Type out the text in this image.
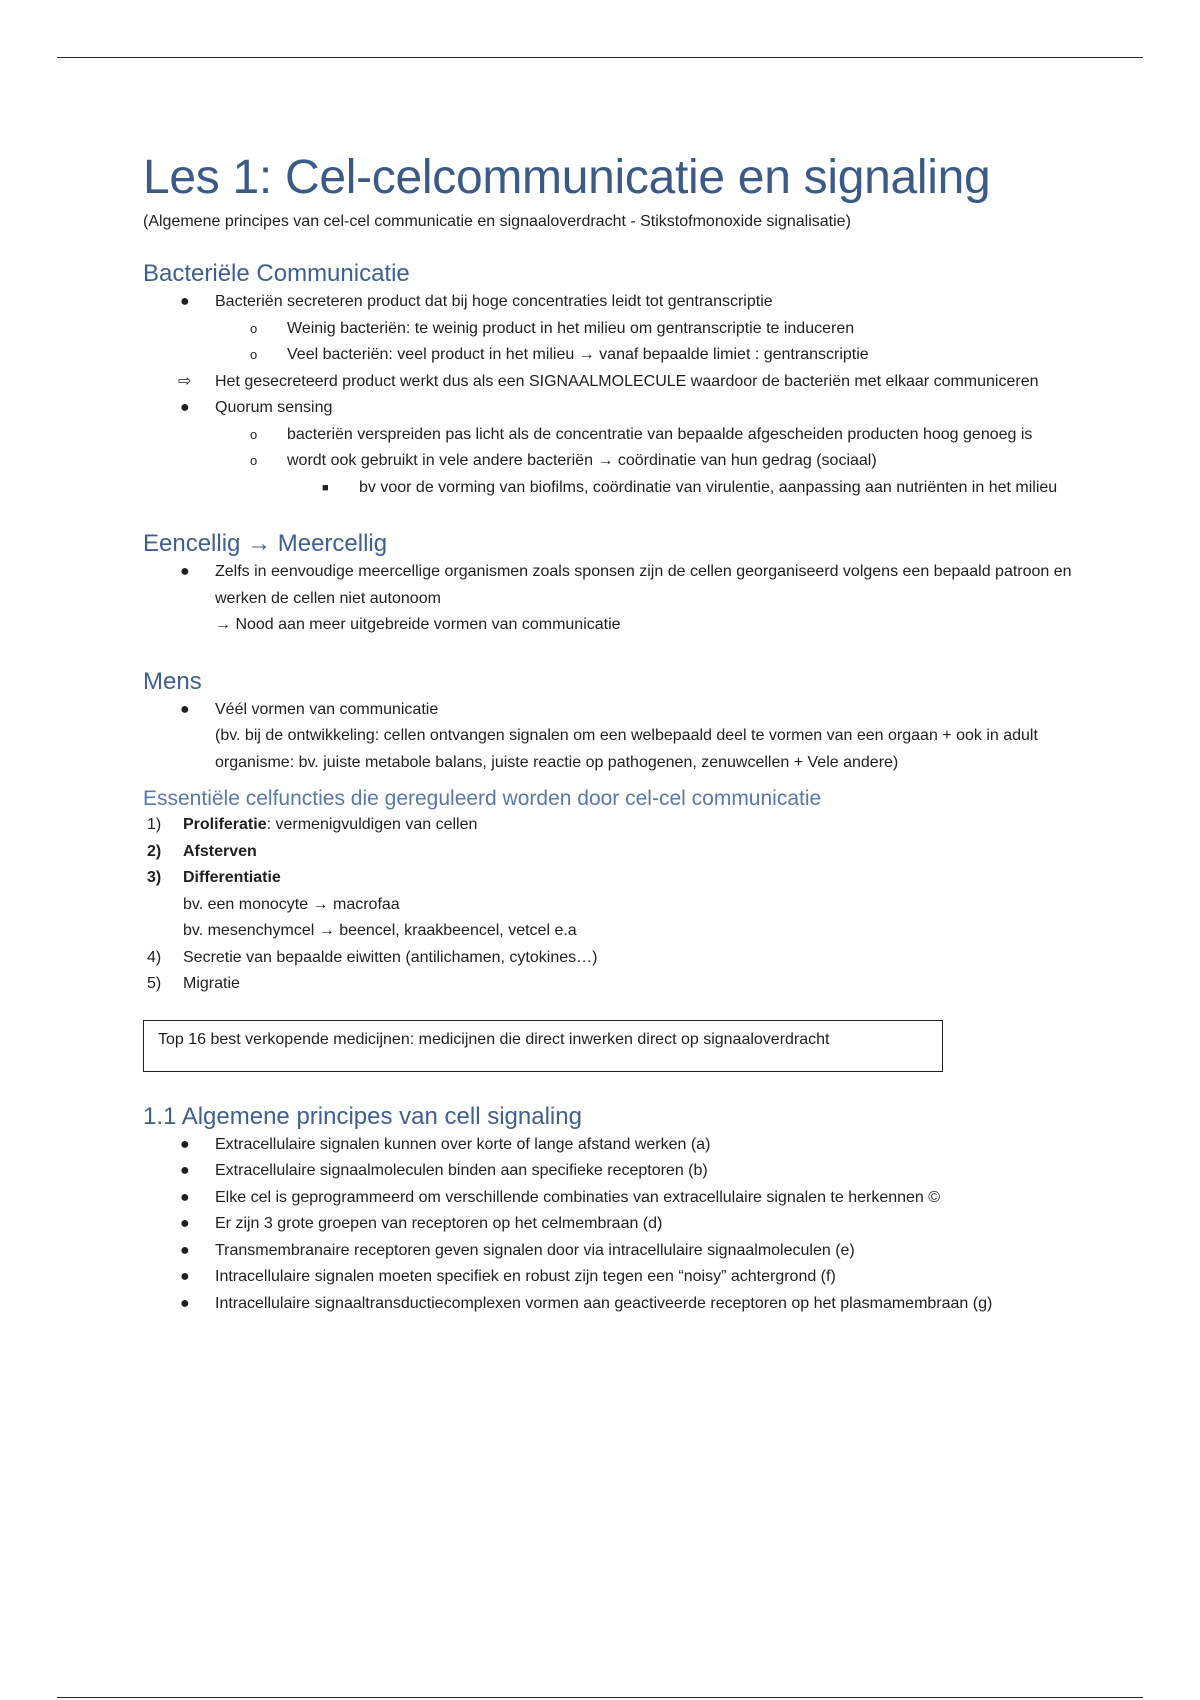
Les 1: Cel-celcommunicatie en signaling
(Algemene principes van cel-cel communicatie en signaaloverdracht - Stikstofmonoxide signalisatie)
Bacteriële Communicatie
● Bacteriën secreteren product dat bij hoge concentraties leidt tot gentranscriptie
o Weinig bacteriën: te weinig product in het milieu om gentranscriptie te induceren
o Veel bacteriën: veel product in het milieu → vanaf bepaalde limiet : gentranscriptie
⇨ Het gesecreteerd product werkt dus als een SIGNAALMOLECULE waardoor de bacteriën met elkaar communiceren
● Quorum sensing
o bacteriën verspreiden pas licht als de concentratie van bepaalde afgescheiden producten hoog genoeg is
o wordt ook gebruikt in vele andere bacteriën → coördinatie van hun gedrag (sociaal)
■ bv voor de vorming van biofilms, coördinatie van virulentie, aanpassing aan nutriënten in het milieu
Eencellig → Meercellig
● Zelfs in eenvoudige meercellige organismen zoals sponsen zijn de cellen georganiseerd volgens een bepaald patroon en werken de cellen niet autonoom
→ Nood aan meer uitgebreide vormen van communicatie
Mens
● Véél vormen van communicatie
(bv. bij de ontwikkeling: cellen ontvangen signalen om een welbepaald deel te vormen van een orgaan + ook in adult organisme: bv. juiste metabole balans, juiste reactie op pathogenen, zenuwcellen + Vele andere)
Essentiële celfuncties die gereguleerd worden door cel-cel communicatie
1) Proliferatie: vermenigvuldigen van cellen
2) Afsterven
3) Differentiatie
bv. een monocyte → macrofaa
bv. mesenchymcel → beencel, kraakbeencel, vetcel e.a
4) Secretie van bepaalde eiwitten (antilichamen, cytokines…)
5) Migratie
Top 16 best verkopende medicijnen: medicijnen die direct inwerken direct op signaaloverdracht
1.1 Algemene principes van cell signaling
● Extracellulaire signalen kunnen over korte of lange afstand werken (a)
● Extracellulaire signaalmoleculen binden aan specifieke receptoren (b)
● Elke cel is geprogrammeerd om verschillende combinaties van extracellulaire signalen te herkennen ©
● Er zijn 3 grote groepen van receptoren op het celmembraan (d)
● Transmembranaire receptoren geven signalen door via intracellulaire signaalmoleculen (e)
● Intracellulaire signalen moeten specifiek en robust zijn tegen een “noisy” achtergrond (f)
● Intracellulaire signaaltransductiecomplexen vormen aan geactiveerde receptoren op het plasmamembraan (g)
